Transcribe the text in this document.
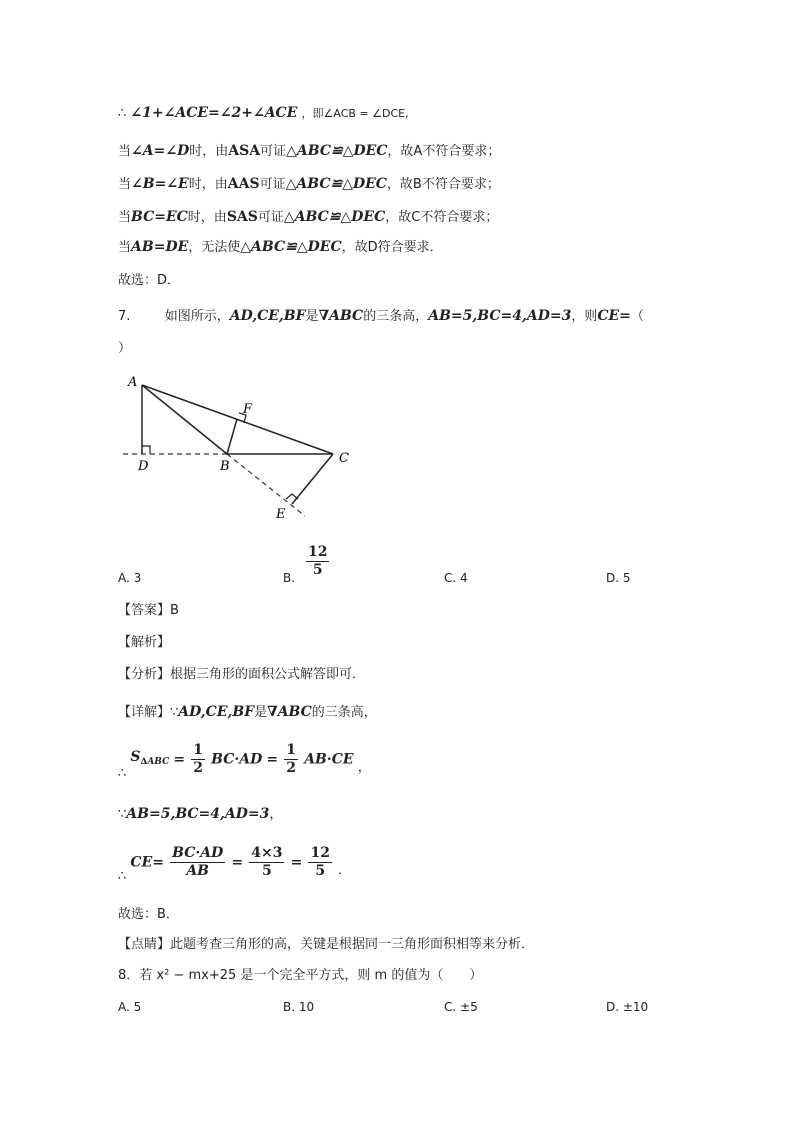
∴ ∠1+∠ACE=∠2+∠ACE ，即∠ACB = ∠DCE,
当∠A=∠D时，由ASA可证△ABC≌△DEC，故A不符合要求；
当∠B=∠E时，由AAS可证△ABC≌△DEC，故B不符合要求；
当BC=EC时，由SAS可证△ABC≌△DEC，故C不符合要求；
当AB=DE，无法使△ABC≌△DEC，故D符合要求．
故选：D．
7.	如图所示，AD,CE,BF是∇ABC的三条高，AB=5,BC=4,AD=3，则CE=（
）
A
F
D	B
C
E
A. 3	B. $\frac{12}{5}$	C. 4	D. 5
【答案】B
【解析】
【分析】根据三角形的面积公式解答即可．
【详解】∵AD,CE,BF是∇ABC的三条高，
∴ $S_{\Delta ABC} = \frac{1}{2} BC\cdot AD = \frac{1}{2} AB\cdot CE$ ，
∵AB=5,BC=4,AD=3，
∴ $CE= \frac{BC\cdot AD}{AB} = \frac{4\times 3}{5} = \frac{12}{5}$ ．
故选：B．
【点睛】此题考查三角形的高，关键是根据同一三角形面积相等来分析．
8．若 x² − mx+25 是一个完全平方式，则 m 的值为（　　）
A. 5	B. 10	C. ±5	D. ±10
